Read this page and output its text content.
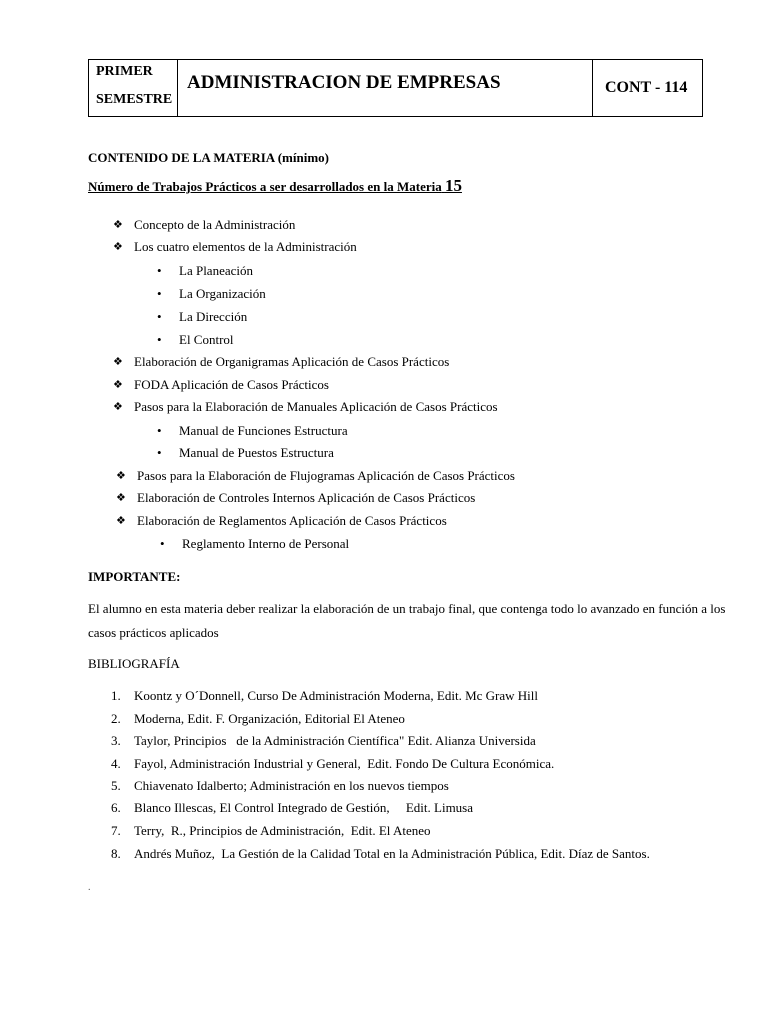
PRIMER
SEMESTRE
ADMINISTRACION DE EMPRESAS	CONT - 114
CONTENIDO DE LA MATERIA (mínimo)
Número de Trabajos Prácticos a ser desarrollados en la Materia 15
❖ Concepto de la Administración
❖ Los cuatro elementos de la Administración
• La Planeación
• La Organización
• La Dirección
• El Control
❖ Elaboración de Organigramas Aplicación de Casos Prácticos
❖ FODA Aplicación de Casos Prácticos
❖ Pasos para la Elaboración de Manuales Aplicación de Casos Prácticos
• Manual de Funciones Estructura
• Manual de Puestos Estructura
❖ Pasos para la Elaboración de Flujogramas Aplicación de Casos Prácticos
❖ Elaboración de Controles Internos Aplicación de Casos Prácticos
❖ Elaboración de Reglamentos Aplicación de Casos Prácticos
• Reglamento Interno de Personal
IMPORTANTE:
El alumno en esta materia deber realizar la elaboración de un trabajo final, que contenga todo lo avanzado en función a los
casos prácticos aplicados
BIBLIOGRAFÍA
1. Koontz y O´Donnell, Curso De Administración Moderna, Edit. Mc Graw Hill
2. Moderna, Edit. F. Organización, Editorial El Ateneo
3. Taylor, Principios   de la Administración Científica" Edit. Alianza Universida
4. Fayol, Administración Industrial y General,  Edit. Fondo De Cultura Económica.
5. Chiavenato Idalberto; Administración en los nuevos tiempos
6. Blanco Illescas, El Control Integrado de Gestión,     Edit. Limusa
7. Terry,  R., Principios de Administración,  Edit. El Ateneo
8. Andrés Muñoz,  La Gestión de la Calidad Total en la Administración Pública, Edit. Díaz de Santos.
.
